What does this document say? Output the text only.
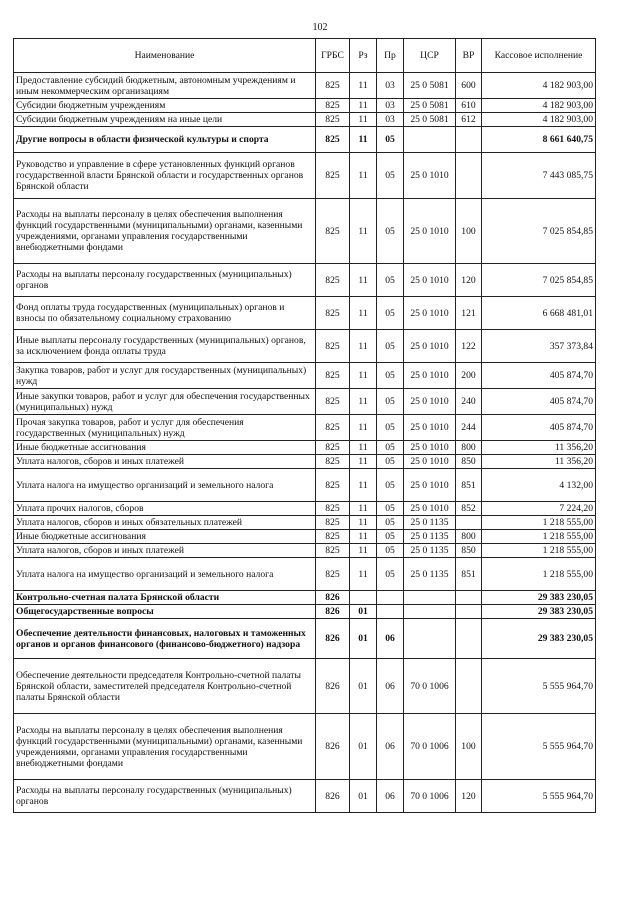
102
Наименование	ГРБС	Рз	Пр	ЦСР	ВР	Кассовое исполнение
Предоставление субсидий бюджетным, автономным учреждениям и иным некоммерческим организациям	825	11	03	25 0 5081	600	4 182 903,00
Субсидии бюджетным учреждениям	825	11	03	25 0 5081	610	4 182 903,00
Субсидии бюджетным учреждениям на иные цели	825	11	03	25 0 5081	612	4 182 903,00
Другие вопросы в области физической культуры и спорта	825	11	05			8 661 640,75
Руководство и управление в сфере установленных функций органов государственной власти Брянской области и государственных органов Брянской области	825	11	05	25 0 1010		7 443 085,75
Расходы на выплаты персоналу в целях обеспечения выполнения функций государственными (муниципальными) органами, казенными учреждениями, органами управления государственными внебюджетными фондами	825	11	05	25 0 1010	100	7 025 854,85
Расходы на выплаты персоналу государственных (муниципальных) органов	825	11	05	25 0 1010	120	7 025 854,85
Фонд оплаты труда государственных (муниципальных) органов и взносы по обязательному социальному страхованию	825	11	05	25 0 1010	121	6 668 481,01
Иные выплаты персоналу государственных (муниципальных) органов, за исключением фонда оплаты труда	825	11	05	25 0 1010	122	357 373,84
Закупка товаров, работ и услуг для государственных (муниципальных) нужд	825	11	05	25 0 1010	200	405 874,70
Иные закупки товаров, работ и услуг для обеспечения государственных (муниципальных) нужд	825	11	05	25 0 1010	240	405 874,70
Прочая закупка товаров, работ и услуг для обеспечения государственных (муниципальных) нужд	825	11	05	25 0 1010	244	405 874,70
Иные бюджетные ассигнования	825	11	05	25 0 1010	800	11 356,20
Уплата налогов, сборов и иных платежей	825	11	05	25 0 1010	850	11 356,20
Уплата налога на имущество организаций и земельного налога	825	11	05	25 0 1010	851	4 132,00
Уплата прочих налогов, сборов	825	11	05	25 0 1010	852	7 224,20
Уплата налогов, сборов и иных обязательных платежей	825	11	05	25 0 1135		1 218 555,00
Иные бюджетные ассигнования	825	11	05	25 0 1135	800	1 218 555,00
Уплата налогов, сборов и иных платежей	825	11	05	25 0 1135	850	1 218 555,00
Уплата налога на имущество организаций и земельного налога	825	11	05	25 0 1135	851	1 218 555,00
Контрольно-счетная палата Брянской области	826					29 383 230,05
Общегосударственные вопросы	826	01				29 383 230,05
Обеспечение деятельности финансовых, налоговых и таможенных органов и органов финансового (финансово-бюджетного) надзора	826	01	06			29 383 230,05
Обеспечение деятельности председателя Контрольно-счетной палаты Брянской области, заместителей председателя Контрольно-счетной палаты Брянской области	826	01	06	70 0 1006		5 555 964,70
Расходы на выплаты персоналу в целях обеспечения выполнения функций государственными (муниципальными) органами, казенными учреждениями, органами управления государственными внебюджетными фондами	826	01	06	70 0 1006	100	5 555 964,70
Расходы на выплаты персоналу государственных (муниципальных) органов	826	01	06	70 0 1006	120	5 555 964,70
